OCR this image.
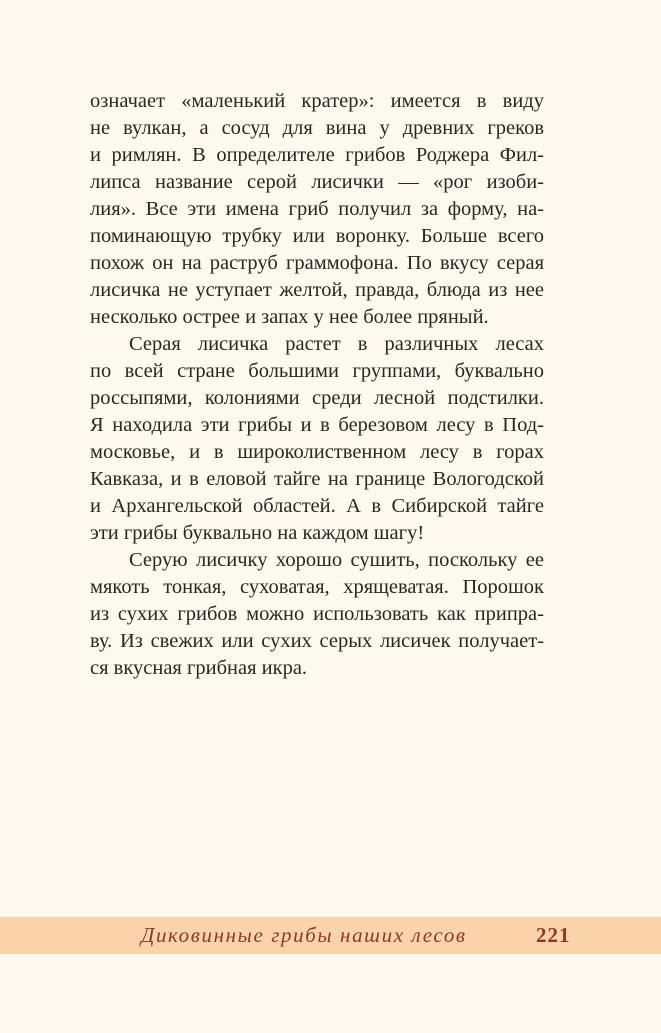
означает «маленький кратер»: имеется в виду
не вулкан, а сосуд для вина у древних греков
и римлян. В определителе грибов Роджера Фил-
липса название серой лисички — «рог изоби-
лия». Все эти имена гриб получил за форму, на-
поминающую трубку или воронку. Больше всего
похож он на раструб граммофона. По вкусу серая
лисичка не уступает желтой, правда, блюда из нее
несколько острее и запах у нее более пряный.
Серая лисичка растет в различных лесах
по всей стране большими группами, буквально
россыпями, колониями среди лесной подстилки.
Я находила эти грибы и в березовом лесу в Под-
московье, и в широколиственном лесу в горах
Кавказа, и в еловой тайге на границе Вологодской
и Архангельской областей. А в Сибирской тайге
эти грибы буквально на каждом шагу!
Серую лисичку хорошо сушить, поскольку ее
мякоть тонкая, суховатая, хрящеватая. Порошок
из сухих грибов можно использовать как припра-
ву. Из свежих или сухих серых лисичек получает-
ся вкусная грибная икра.
Диковинные грибы наших лесов	221
